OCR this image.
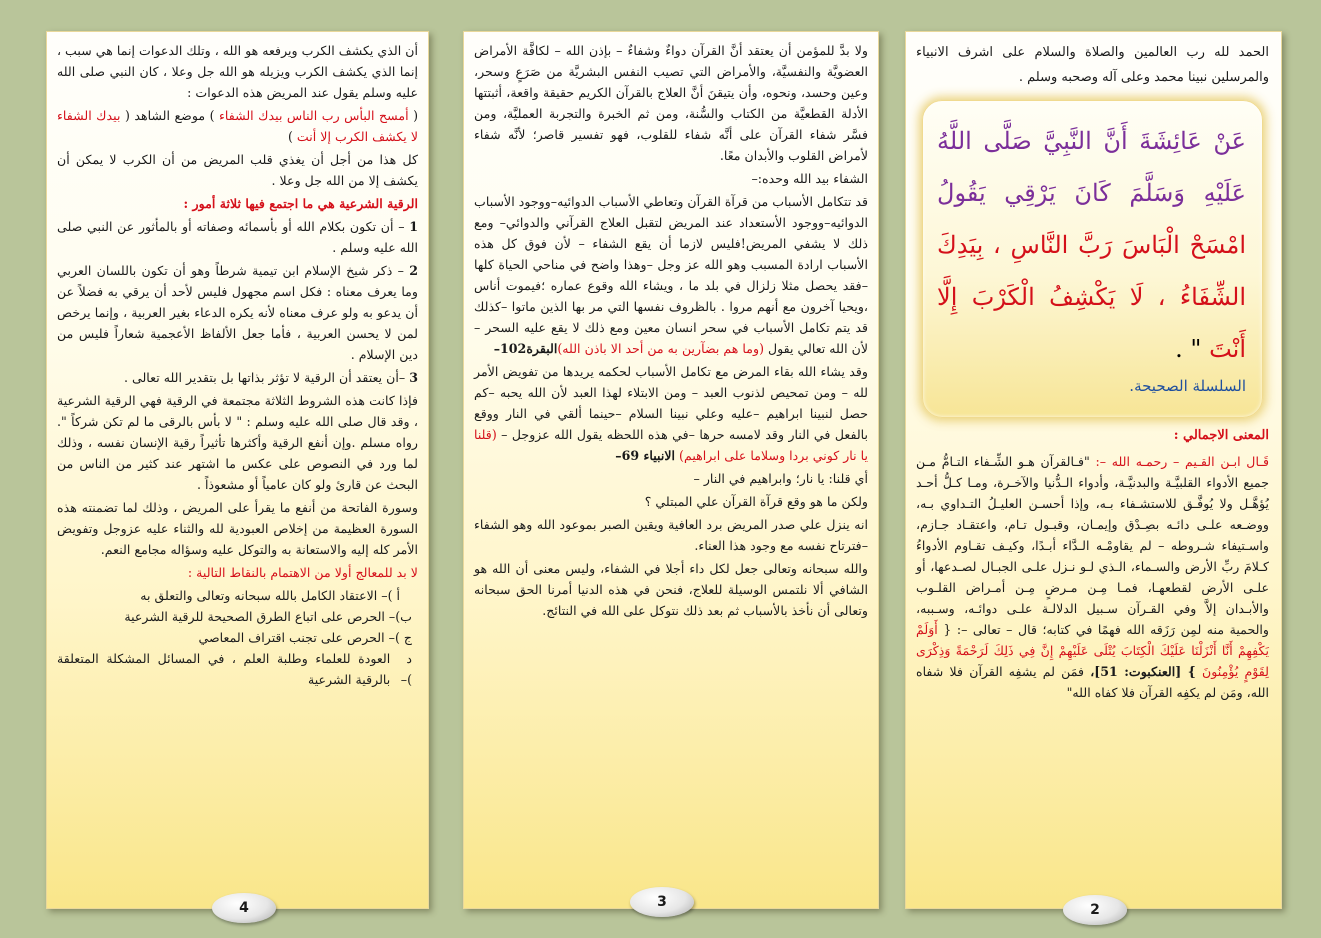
أن الذي يكشف الكرب ويرفعه هو الله ، وتلك الدعوات إنما هي سبب ، إنما الذي يكشف الكرب ويزيله هو الله جل وعلا ، كان النبي صلى الله عليه وسلم يقول عند المريض هذه الدعوات :

( أمسح البأس رب الناس بيدك الشفاء ) موضع الشاهد ( بيدك الشفاء لا يكشف الكرب إلا أنت )

كل هذا من أجل أن يغذي قلب المريض من أن الكرب لا يمكن أن يكشف إلا من الله جل وعلا .

الرقية الشرعية هي ما اجتمع فيها ثلاثة أمور :

1 – أن تكون بكلام الله أو بأسمائه وصفاته أو بالمأثور عن النبي صلى الله عليه وسلم .

2 – ذكر شيخ الإسلام ابن تيمية شرطاً وهو أن تكون باللسان العربي وما يعرف معناه : فكل اسم مجهول فليس لأحد أن يرقي به فضلاً عن أن يدعو به ولو عرف معناه لأنه يكره الدعاء بغير العربية ، وإنما يرخص لمن لا يحسن العربية ، فأما جعل الألفاظ الأعجمية شعاراً فليس من دين الإسلام .

3 –أن يعتقد أن الرقية لا تؤثر بذاتها بل بتقدير الله تعالى .

فإذا كانت هذه الشروط الثلاثة مجتمعة في الرقية فهي الرقية الشرعية ، وقد قال صلى الله عليه وسلم : " لا بأس بالرقى ما لم تكن شركاً ". رواه مسلم .وإن أنفع الرقية وأكثرها تأثيراً رقية الإنسان نفسه ، وذلك لما ورد في النصوص على عكس ما اشتهر عند كثير من الناس من البحث عن قارئ ولو كان عامياً أو مشعوذاً .

وسورة الفاتحة من أنفع ما يقرأ على المريض ، وذلك لما تضمنته هذه السورة العظيمة من إخلاص العبودية لله والثناء عليه عزوجل وتفويض الأمر كله إليه والاستعانة به والتوكل عليه وسؤاله مجامع النعم.

لا بد للمعالج أولا من الاهتمام بالنقاط التالية :

أ )–
الاعتقاد الكامل بالله سبحانه وتعالى والتعلق به
ب)–
الحرص على اتباع الطرق الصحيحة للرقية الشرعية
ج )–
الحرص على تجنب اقتراف المعاصي
د )–
العودة للعلماء وطلبة العلم ، في المسائل المشكلة المتعلقة بالرقية الشرعية
4

ولا بدَّ للمؤمن أن يعتقد أنَّ القرآن دواءٌ وشفاءٌ – بإذن الله – لكافَّة الأمراض العضويَّة والنفسيَّة، والأمراض التي تصيب النفس البشريَّة من صَرَعٍ وسحر، وعين وحسد، ونحوه، وأن يتيقنَ أنَّ العلاج بالقرآن الكريم حقيقة واقعة، أثبتتها الأدلة القطعيَّة من الكتاب والسُّنة، ومن ثم الخبرة والتجربة العمليَّة، ومن فسَّر شفاء القرآن على أنَّه شفاء للقلوب، فهو تفسير قاصر؛ لأنَّه شفاء لأمراض القلوب والأبدان معًا.

الشفاء بيد الله وحده:–

قد تتكامل الأسباب من قرآة القرآن وتعاطي الأسباب الدوائيه–ووجود الأسباب الدوائيه–ووجود الأستعداد عند المريض لتقبل العلاج القرآني والدوائي– ومع ذلك لا يشفي المريض!فليس لازما أن يقع الشفاء – لأن فوق كل هذه الأسباب ارادة المسبب وهو الله عز وجل –وهذا واضح في مناحي الحياة كلها –فقد يحصل مثلا زلزال في بلد ما ، ويشاء الله وقوع عماره ؛فيموت أناس ،ويحيا آخرون مع أنهم مروا . بالظروف نفسها التي مر بها الذين ماتوا –كذلك قد يتم تكامل الأسباب في سحر انسان معين ومع ذلك لا يقع عليه السحر –لأن الله تعالي يقول (وما هم بضآرين به من أحد الا باذن الله)البقرة102–

وقد يشاء الله بقاء المرض مع تكامل الأسباب لحكمه يريدها من تفويض الأمر لله – ومن تمحيص لذنوب العبد – ومن الابتلاء لهذا العبد لأن الله يحبه –كم حصل لنبينا ابراهيم –عليه وعلي نبينا السلام –حينما ألقي في النار ووقع بالفعل في النار وقد لامسه حرها –في هذه اللحظه يقول الله عزوجل – (قلنا يا نار كوني بردا وسلاما على ابراهيم) الانبياء 69–

أي قلنا: يا نار؛ وابراهيم في النار –

ولكن ما هو وقع قرآة القرآن علي المبتلي ؟

انه ينزل علي صدر المريض برد العافية ويقين الصبر بموعود الله وهو الشفاء –فترتاح نفسه مع وجود هذا العناء.

والله سبحانه وتعالى جعل لكل داء أجلا في الشفاء، وليس معنى أن الله هو الشافي ألا نلتمس الوسيلة للعلاج، فنحن في هذه الدنيا أمرنا الحق سبحانه وتعالى أن نأخذ بالأسباب ثم بعد ذلك نتوكل على الله في النتائج.

3

الحمد لله رب العالمين والصلاة والسلام على اشرف الانبياء والمرسلين نبينا محمد وعلى آله وصحبه وسلم .

عَنْ عَائِشَةَ أَنَّ النَّبِيَّ صَلَّى اللَّهُ عَلَيْهِ وَسَلَّمَ كَانَ يَرْقِي يَقُولُ امْسَحْ الْبَاسَ رَبَّ النَّاسِ ، بِيَدِكَ الشِّفَاءُ ، لَا يَكْشِفُ الْكَرْبَ إِلَّا أَنْتَ " .

السلسلة الصحيحة.
المعنى الاجمالي :

قَـال ابـن القـيم – رحمـه الله –: "فـالقرآن هـو الشِّـفاء التـامُّ مـن جميع الأدواء القلبيَّـة والبدنيَّـة، وأدواء الـدُّنيا والآخـرة، ومـا كـلُّ أحـد يُؤهَّـل ولا يُوفَّـق للاستشـفاء بـه، وإذا أحسـن العليـلُ التـداوي بـه، ووضـعه علـى دائـه بصِـدْق وإيمـان، وقبـول تـام، واعتقـاد جـازم، واسـتيفاء شـروطه – لم يقاومْـه الـدَّاء أبـدًا، وكيـف تقـاوم الأدواءُ كـلامَ ربِّ الأرض والسـماء، الـذي لـو نـزل علـى الجبـال لصـدعها، أو علـى الأرض لقطعهـا، فمـا مِـن مـرضٍ مِـن أمـراض القلـوب والأبـدان إلاَّ وفي القـرآن سـبيل الدلالـة علـى دوائـه، وسـببه، والحمية منه لمِن رَزَقه الله فهمًا في كتابه؛ قال – تعالى –: { أَوَلَمْ يَكْفِهِمْ أَنَّا أَنْزَلْنَا عَلَيْكَ الْكِتَابَ يُتْلَى عَلَيْهِمْ إِنَّ فِي ذَلِكَ لَرَحْمَةً وَذِكْرَى لِقَوْمٍ يُؤْمِنُونَ } [العنكبوت: 51]، فمَن لم يشفِه القرآن فلا شفاه الله، ومَن لم يكفِه القرآن فلا كفاه الله"

2
